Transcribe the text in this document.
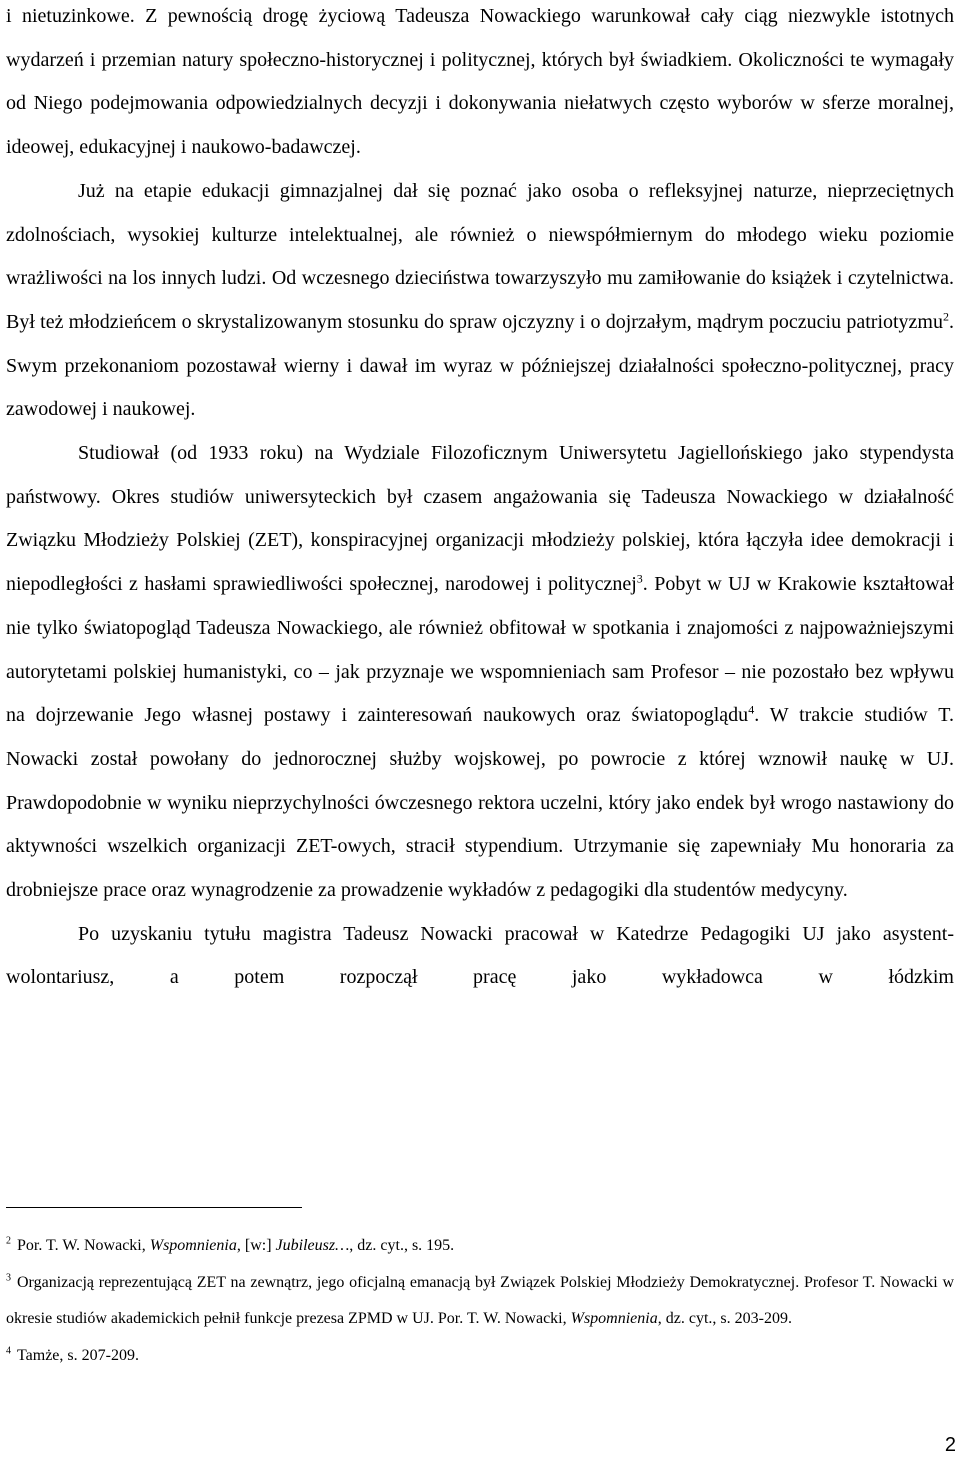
i nietuzinkowe. Z pewnością drogę życiową Tadeusza Nowackiego warunkował cały ciąg niezwykle istotnych wydarzeń i przemian natury społeczno-historycznej i politycznej, których był świadkiem. Okoliczności te wymagały od Niego podejmowania odpowiedzialnych decyzji i dokonywania niełatwych często wyborów w sferze moralnej, ideowej, edukacyjnej i naukowo-badawczej.

Już na etapie edukacji gimnazjalnej dał się poznać jako osoba o refleksyjnej naturze, nieprzeciętnych zdolnościach, wysokiej kulturze intelektualnej, ale również o niewspółmiernym do młodego wieku poziomie wrażliwości na los innych ludzi. Od wczesnego dzieciństwa towarzyszyło mu zamiłowanie do książek i czytelnictwa. Był też młodzieńcem o skrystalizowanym stosunku do spraw ojczyzny i o dojrzałym, mądrym poczuciu patriotyzmu$^2$. Swym przekonaniom pozostawał wierny i dawał im wyraz w późniejszej działalności społeczno-politycznej, pracy zawodowej i naukowej.

Studiował (od 1933 roku) na Wydziale Filozoficznym Uniwersytetu Jagiellońskiego jako stypendysta państwowy. Okres studiów uniwersyteckich był czasem angażowania się Tadeusza Nowackiego w działalność Związku Młodzieży Polskiej (ZET), konspiracyjnej organizacji młodzieży polskiej, która łączyła idee demokracji i niepodległości z hasłami sprawiedliwości społecznej, narodowej i politycznej$^3$. Pobyt w UJ w Krakowie kształtował nie tylko światopogląd Tadeusza Nowackiego, ale również obfitował w spotkania i znajomości z najpoważniejszymi autorytetami polskiej humanistyki, co – jak przyznaje we wspomnieniach sam Profesor – nie pozostało bez wpływu na dojrzewanie Jego własnej postawy i zainteresowań naukowych oraz światopoglądu$^4$. W trakcie studiów T. Nowacki został powołany do jednorocznej służby wojskowej, po powrocie z której wznowił naukę w UJ. Prawdopodobnie w wyniku nieprzychylności ówczesnego rektora uczelni, który jako endek był wrogo nastawiony do aktywności wszelkich organizacji ZET-owych, stracił stypendium. Utrzymanie się zapewniały Mu honoraria za drobniejsze prace oraz wynagrodzenie za prowadzenie wykładów z pedagogiki dla studentów medycyny.

Po uzyskaniu tytułu magistra Tadeusz Nowacki pracował w Katedrze Pedagogiki UJ jako asystent-wolontariusz, a potem rozpoczął pracę jako wykładowca w łódzkim

$^2$ Por. T. W. Nowacki, Wspomnienia, [w:] Jubileusz…, dz. cyt., s. 195.

$^3$ Organizacją reprezentującą ZET na zewnątrz, jego oficjalną emanacją był Związek Polskiej Młodzieży Demokratycznej. Profesor T. Nowacki w okresie studiów akademickich pełnił funkcje prezesa ZPMD w UJ. Por. T. W. Nowacki, Wspomnienia, dz. cyt., s. 203-209.

$^4$ Tamże, s. 207-209.

2
